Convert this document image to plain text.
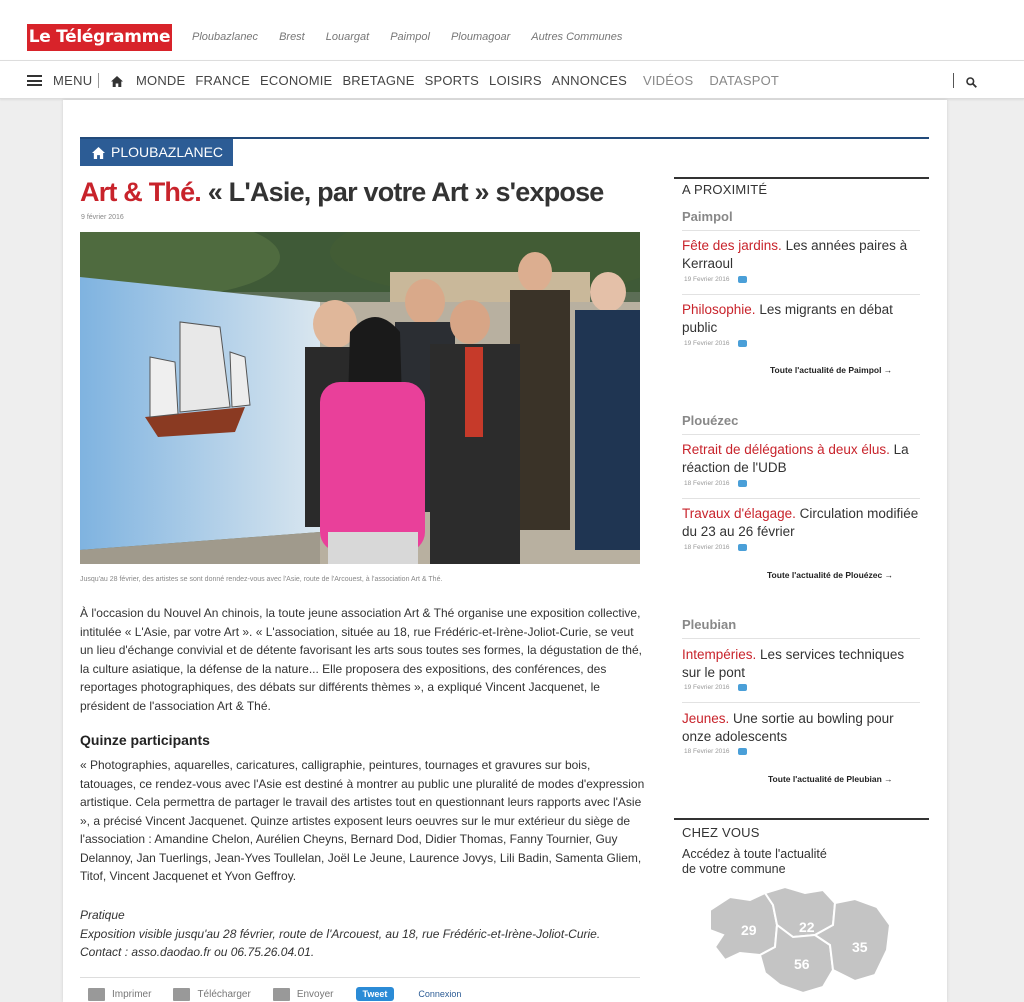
Le Télégramme Ploubazlanec Brest Louargat Paimpol Ploumagoar Autres Communes
MENU	MONDE FRANCE ECONOMIE BRETAGNE SPORTS LOISIRS ANNONCES VIDÉOS DATASPOT
PLOUBAZLANEC
Art & Thé. « L'Asie, par votre Art » s'expose
9 février 2016
Jusqu'au 28 février, des artistes se sont donné rendez-vous avec l'Asie, route de l'Arcouest, à l'association Art & Thé.

À l'occasion du Nouvel An chinois, la toute jeune association Art & Thé organise une exposition collective, intitulée « L'Asie, par votre Art ». « L'association, située au 18, rue Frédéric-et-Irène-Joliot-Curie, se veut un lieu d'échange convivial et de détente favorisant les arts sous toutes ses formes, la dégustation de thé, la culture asiatique, la défense de la nature... Elle proposera des expositions, des conférences, des reportages photographiques, des débats sur différents thèmes », a expliqué Vincent Jacquenet, le président de l'association Art & Thé.

Quinze participants

« Photographies, aquarelles, caricatures, calligraphie, peintures, tournages et gravures sur bois, tatouages, ce rendez-vous avec l'Asie est destiné à montrer au public une pluralité de modes d'expression artistique. Cela permettra de partager le travail des artistes tout en questionnant leurs rapports avec l'Asie », a précisé Vincent Jacquenet. Quinze artistes exposent leurs oeuvres sur le mur extérieur du siège de l'association : Amandine Chelon, Aurélien Cheyns, Bernard Dod, Didier Thomas, Fanny Tournier, Guy Delannoy, Jan Tuerlings, Jean-Yves Toullelan, Joël Le Jeune, Laurence Jovys, Lili Badin, Samenta Gliem, Titof, Vincent Jacquenet et Yvon Geffroy.

Pratique
Exposition visible jusqu'au 28 février, route de l'Arcouest, au 18, rue Frédéric-et-Irène-Joliot-Curie.
Contact : asso.daodao.fr ou 06.75.26.04.01.
Imprimer	Télécharger	Envoyer	Tweet	Connexion
A PROXIMITÉ
Paimpol
Fête des jardins. Les années paires à Kerraoul
19 Fevrier 2016
Philosophie. Les migrants en débat public
19 Fevrier 2016
Toute l'actualité de Paimpol →
Plouézec
Retrait de délégations à deux élus. La réaction de l'UDB
18 Fevrier 2016
Travaux d'élagage. Circulation modifiée du 23 au 26 février
18 Fevrier 2016
Toute l'actualité de Plouézec →
Pleubian
Intempéries. Les services techniques sur le pont
19 Fevrier 2016
Jeunes. Une sortie au bowling pour onze adolescents
18 Fevrier 2016
Toute l'actualité de Pleubian →
CHEZ VOUS
Accédez à toute l'actualité
de votre commune
29	22
56
35
